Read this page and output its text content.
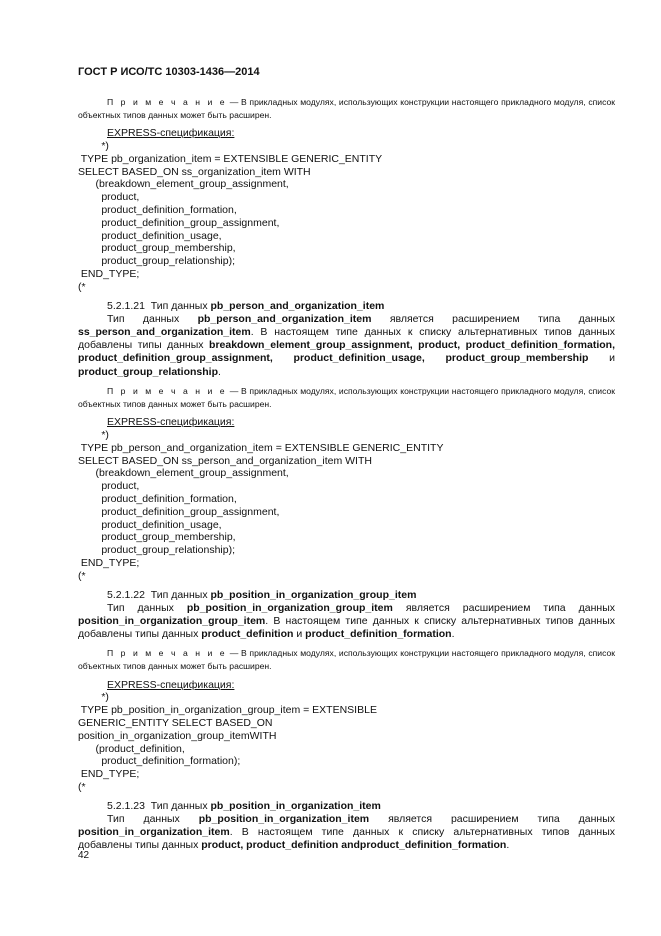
ГОСТ Р ИСО/ТС 10303-1436—2014

П р и м е ч а н и е — В прикладных модулях, использующих конструкции настоящего прикладного модуля, список объектных типов данных может быть расширен.

EXPRESS-спецификация:
*)
TYPE pb_organization_item = EXTENSIBLE GENERIC_ENTITY
SELECT BASED_ON ss_organization_item WITH
(breakdown_element_group_assignment,
product,
product_definition_formation,
product_definition_group_assignment,
product_definition_usage,
product_group_membership,
product_group_relationship);
END_TYPE;
(*
5.2.1.21 Тип данных pb_person_and_organization_item

Тип данных pb_person_and_organization_item является расширением типа данных ss_person_and_organization_item. В настоящем типе данных к списку альтернативных типов данных добавлены типы данных breakdown_element_group_assignment, product, product_definition_formation, product_definition_group_assignment, product_definition_usage, product_group_membership и product_group_relationship.

П р и м е ч а н и е — В прикладных модулях, использующих конструкции настоящего прикладного модуля, список объектных типов данных может быть расширен.

EXPRESS-спецификация:
*)
TYPE pb_person_and_organization_item = EXTENSIBLE GENERIC_ENTITY
SELECT BASED_ON ss_person_and_organization_item WITH
(breakdown_element_group_assignment,
product,
product_definition_formation,
product_definition_group_assignment,
product_definition_usage,
product_group_membership,
product_group_relationship);
END_TYPE;
(*
5.2.1.22 Тип данных pb_position_in_organization_group_item

Тип данных pb_position_in_organization_group_item является расширением типа данных position_in_organization_group_item. В настоящем типе данных к списку альтернативных типов данных добавлены типы данных product_definition и product_definition_formation.

П р и м е ч а н и е — В прикладных модулях, использующих конструкции настоящего прикладного модуля, список объектных типов данных может быть расширен.

EXPRESS-спецификация:
*)
TYPE pb_position_in_organization_group_item = EXTENSIBLE
GENERIC_ENTITY SELECT BASED_ON
position_in_organization_group_itemWITH
(product_definition,
product_definition_formation);
END_TYPE;
(*
5.2.1.23 Тип данных pb_position_in_organization_item

Тип данных pb_position_in_organization_item является расширением типа данных position_in_organization_item. В настоящем типе данных к списку альтернативных типов данных добавлены типы данных product, product_definition andproduct_definition_formation.

42
